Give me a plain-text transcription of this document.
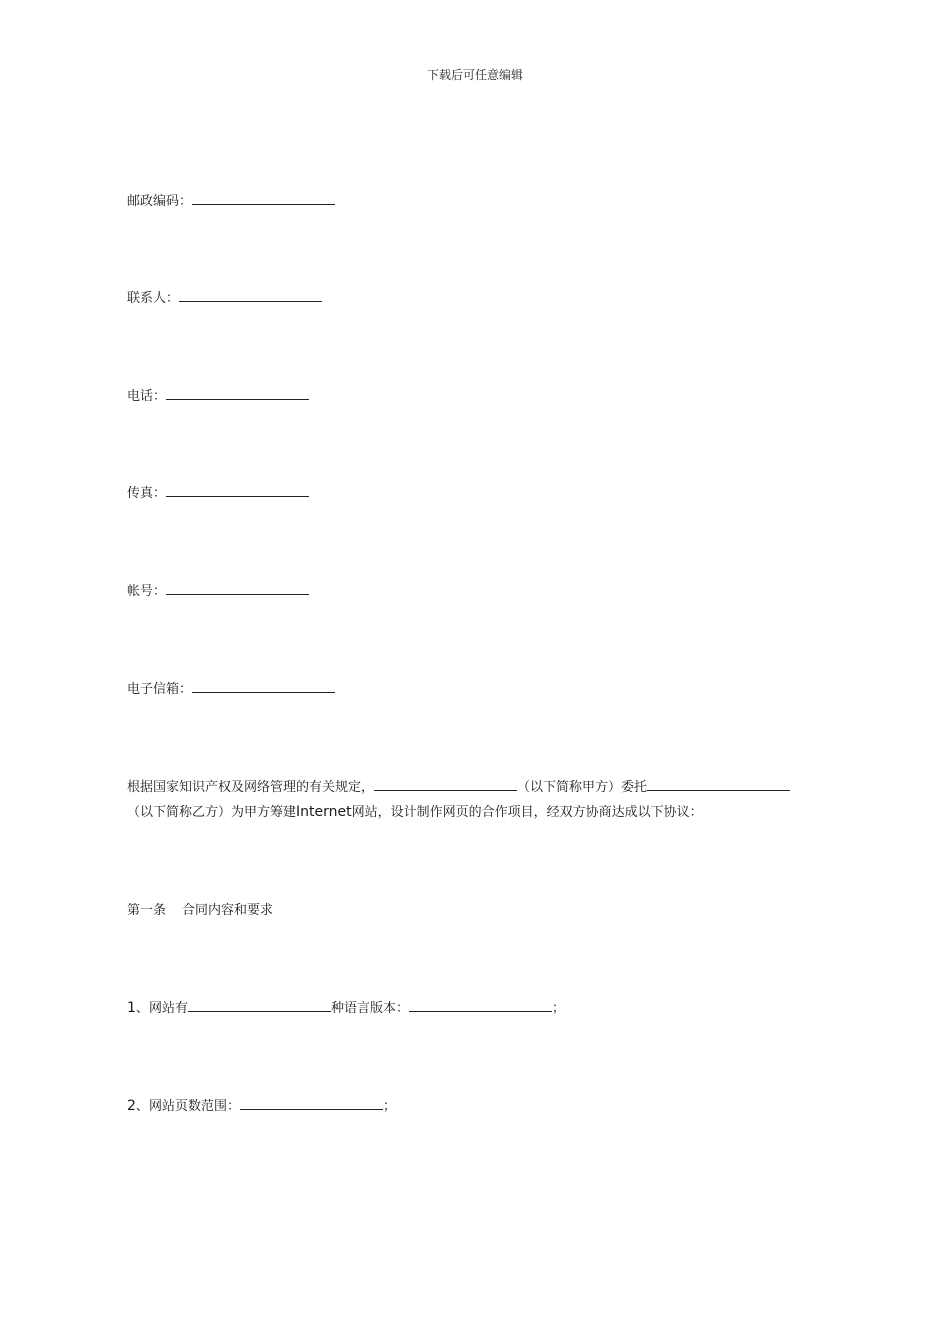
下载后可任意编辑
邮政编码：
联系人：
电话：
传真：
帐号：
电子信箱：
根据国家知识产权及网络管理的有关规定，	（以下简称甲方）委托
（以下简称乙方）为甲方筹建Internet网站，设计制作网页的合作项目，经双方协商达成以下协议：
第一条 合同内容和要求
1、网站有	种语言版本：	；
2、网站页数范围：	；
